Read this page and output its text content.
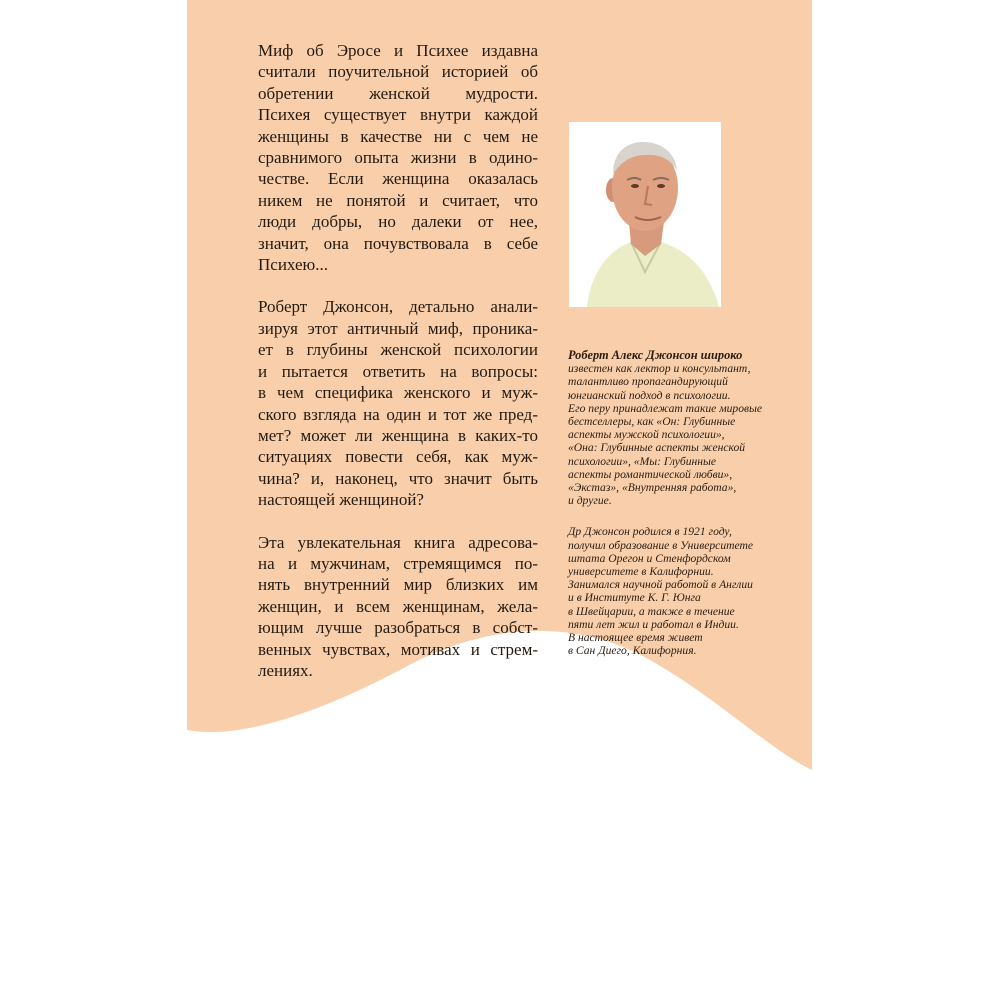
Миф об Эросе и Психее издавна
считали поучительной историей об
обретении женской мудрости.
Психея существует внутри каждой
женщины в качестве ни с чем не
сравнимого опыта жизни в одино-
честве. Если женщина оказалась
никем не понятой и считает, что
люди добры, но далеки от нее,
значит, она почувствовала в себе
Психею...

Роберт Джонсон, детально анали-
зируя этот античный миф, проника-
ет в глубины женской психологии
и пытается ответить на вопросы:
в чем специфика женского и муж-
ского взгляда на один и тот же пред-
мет? может ли женщина в каких-то
ситуациях повести себя, как муж-
чина? и, наконец, что значит быть
настоящей женщиной?

Эта увлекательная книга адресова-
на и мужчинам, стремящимся по-
нять внутренний мир близких им
женщин, и всем женщинам, жела-
ющим лучше разобраться в собст-
венных чувствах, мотивах и стрем-
лениях.

Роберт Алекс Джонсон широко
известен как лектор и консультант,
талантливо пропагандирующий
юнгианский подход в психологии.
Его перу принадлежат такие мировые
бестселлеры, как «Он: Глубинные
аспекты мужской психологии»,
«Она: Глубинные аспекты женской
психологии», «Мы: Глубинные
аспекты романтической любви»,
«Экстаз», «Внутренняя работа»,
и другие.
Др Джонсон родился в 1921 году,
получил образование в Университете
штата Орегон и Стенфордском
университете в Калифорнии.
Занимался научной работой в Англии
и в Институте К. Г. Юнга
в Швейцарии, а также в течение
пяти лет жил и работал в Индии.
В настоящее время живет
в Сан Диего, Калифорния.
